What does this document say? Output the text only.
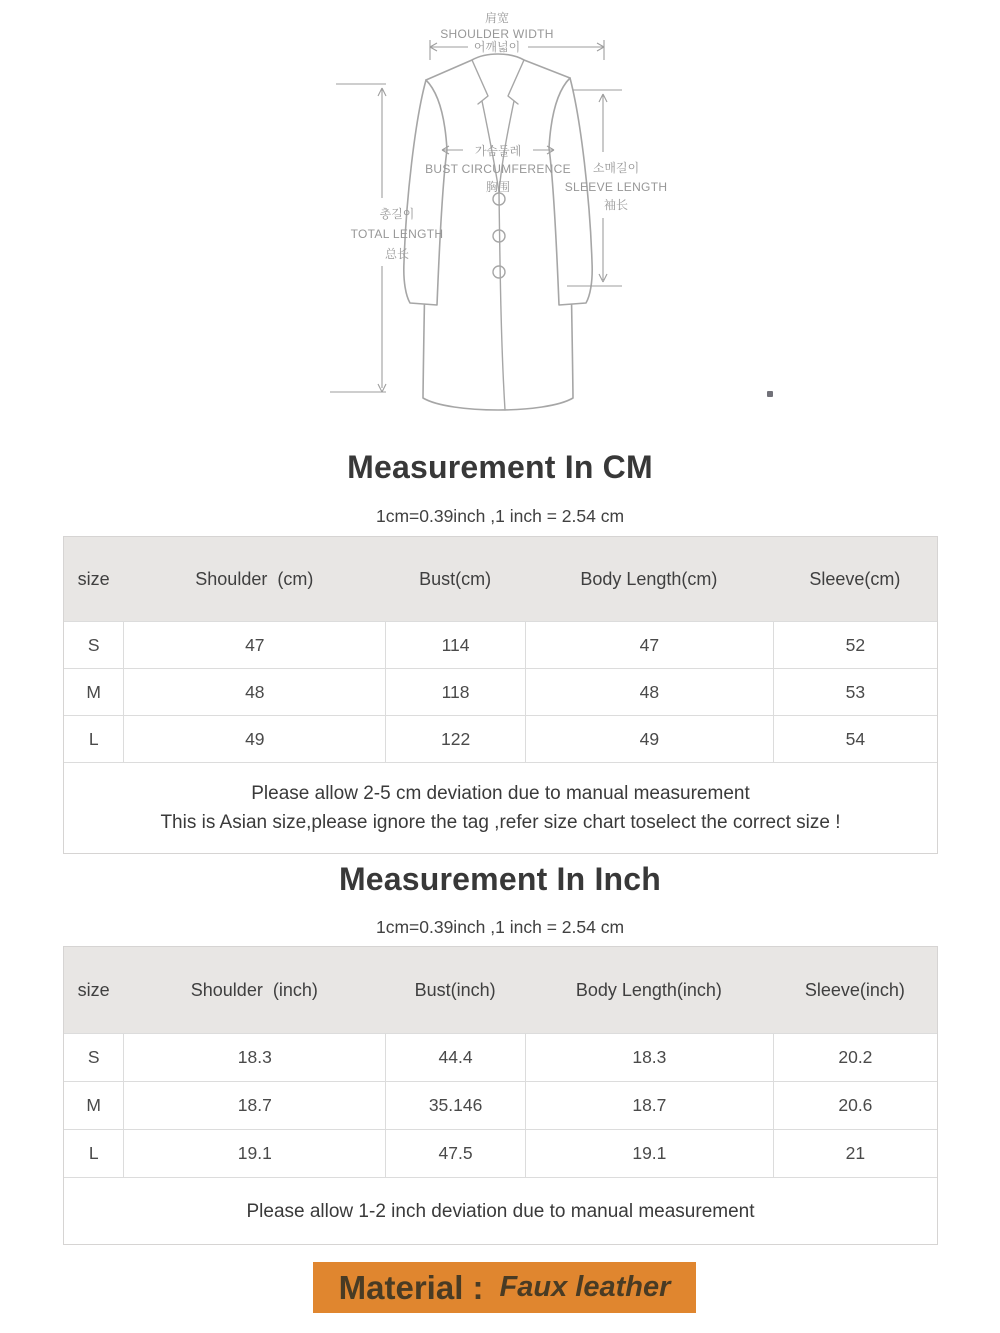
肩宽
SHOULDER WIDTH
어깨넓이
총길이
TOTAL LENGTH
总长
소매길이
SLEEVE LENGTH
袖长
가슴둘레
BUST CIRCUMFERENCE
胸围
Measurement In CM
1cm=0.39inch ,1 inch = 2.54 cm
size	Shoulder  (cm)	Bust(cm)	Body Length(cm)	Sleeve(cm)
S	47	114	47	52
M	48	118	48	53
L	49	122	49	54
Please allow 2-5 cm deviation due to manual measurement
This is Asian size,please ignore the tag ,refer size chart toselect the correct size !
Measurement In Inch
1cm=0.39inch ,1 inch = 2.54 cm
size	Shoulder  (inch)	Bust(inch)	Body Length(inch)	Sleeve(inch)
S	18.3	44.4	18.3	20.2
M	18.7	35.146	18.7	20.6
L	19.1	47.5	19.1	21
Please allow 1-2 inch deviation due to manual measurement
Material : Faux leather
